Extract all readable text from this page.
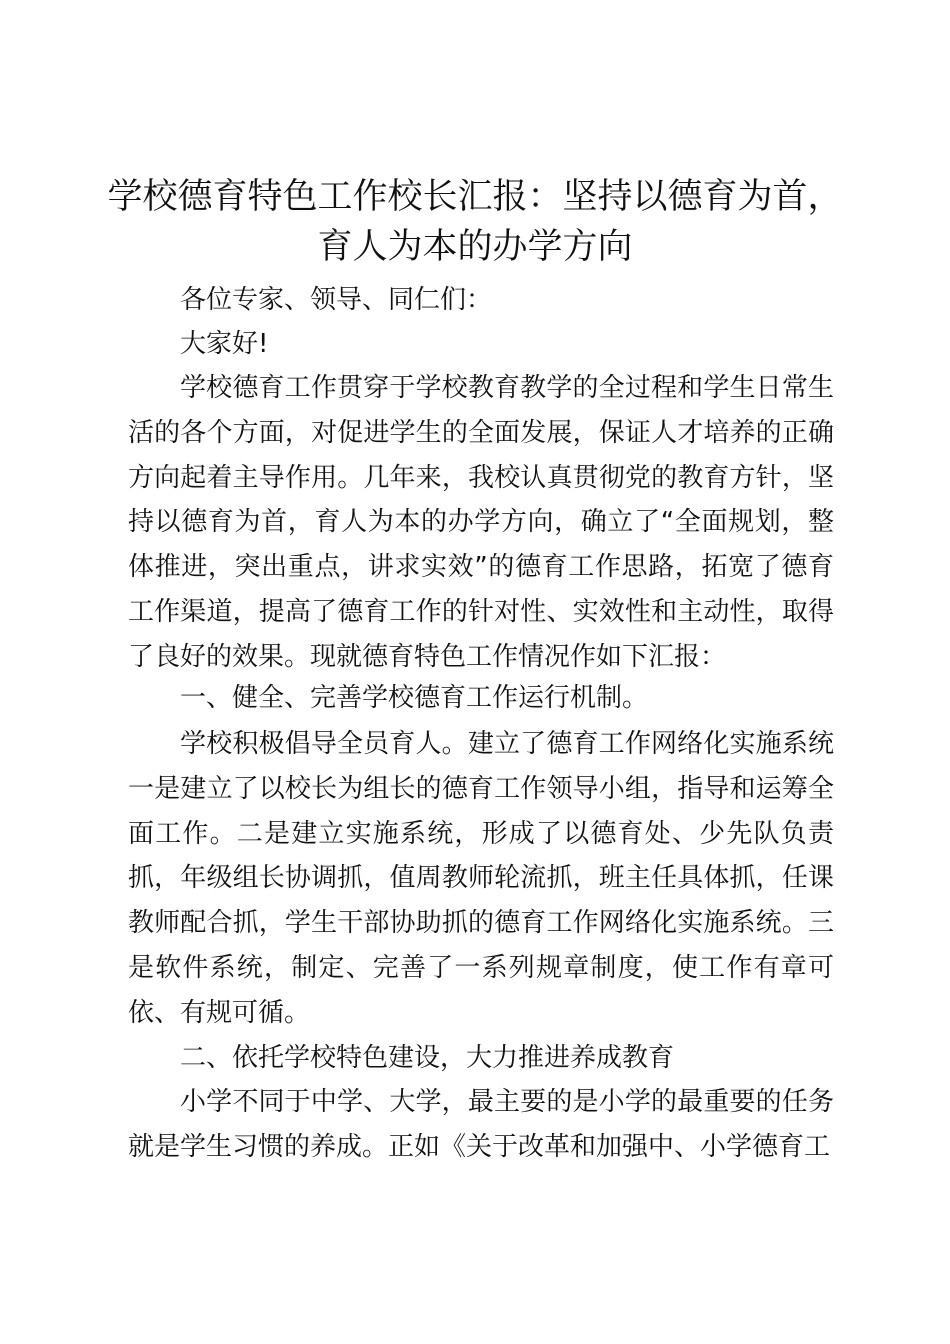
学校德育特色工作校长汇报：坚持以德育为首，
育人为本的办学方向

各位专家、领导、同仁们：

大家好!

学校德育工作贯穿于学校教育教学的全过程和学生日常生活的各个方面，对促进学生的全面发展，保证人才培养的正确方向起着主导作用。几年来，我校认真贯彻党的教育方针，坚持以德育为首，育人为本的办学方向，确立了“全面规划，整体推进，突出重点，讲求实效”的德育工作思路，拓宽了德育工作渠道，提高了德育工作的针对性、实效性和主动性，取得了良好的效果。现就德育特色工作情况作如下汇报：

一、健全、完善学校德育工作运行机制。

学校积极倡导全员育人。建立了德育工作网络化实施系统一是建立了以校长为组长的德育工作领导小组，指导和运筹全面工作。二是建立实施系统，形成了以德育处、少先队负责抓，年级组长协调抓，值周教师轮流抓，班主任具体抓，任课教师配合抓，学生干部协助抓的德育工作网络化实施系统。三是软件系统，制定、完善了一系列规章制度，使工作有章可依、有规可循。

二、依托学校特色建设，大力推进养成教育

小学不同于中学、大学，最主要的是小学的最重要的任务就是学生习惯的养成。正如《关于改革和加强中、小学德育工
